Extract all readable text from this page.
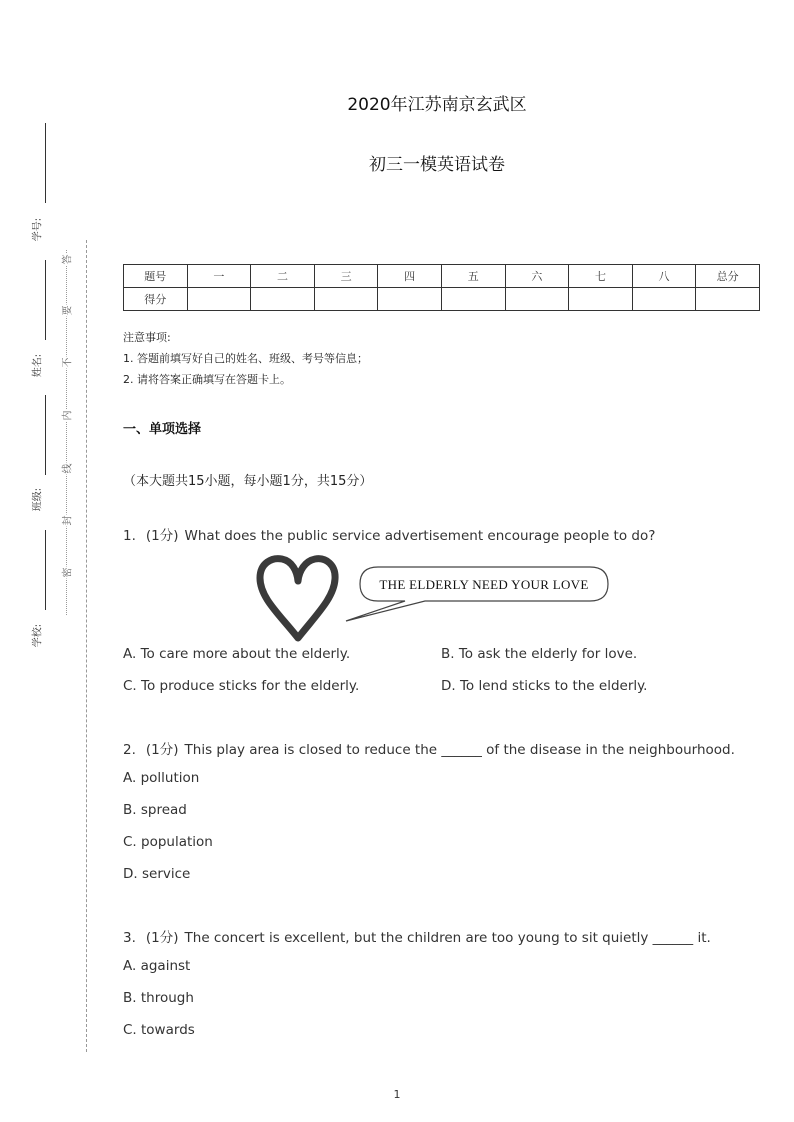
学号:
姓名:
班级:
学校:
答
要
不
内
线
封
密
2020年江苏南京玄武区
初三一模英语试卷
题号	一	二	三	四	五	六	七	八	总分
得分									
注意事项:
1. 答题前填写好自己的姓名、班级、考号等信息；
2. 请将答案正确填写在答题卡上。
一、单项选择
（本大题共15小题，每小题1分，共15分）
1. (1分) What does the public service advertisement encourage people to do?
THE ELDERLY NEED YOUR LOVE
A. To care more about the elderly.	B. To ask the elderly for love.
C. To produce sticks for the elderly.	D. To lend sticks to the elderly.
2. (1分) This play area is closed to reduce the ______ of the disease in the neighbourhood.
A. pollution
B. spread
C. population
D. service
3. (1分) The concert is excellent, but the children are too young to sit quietly ______ it.
A. against
B. through
C. towards
1
